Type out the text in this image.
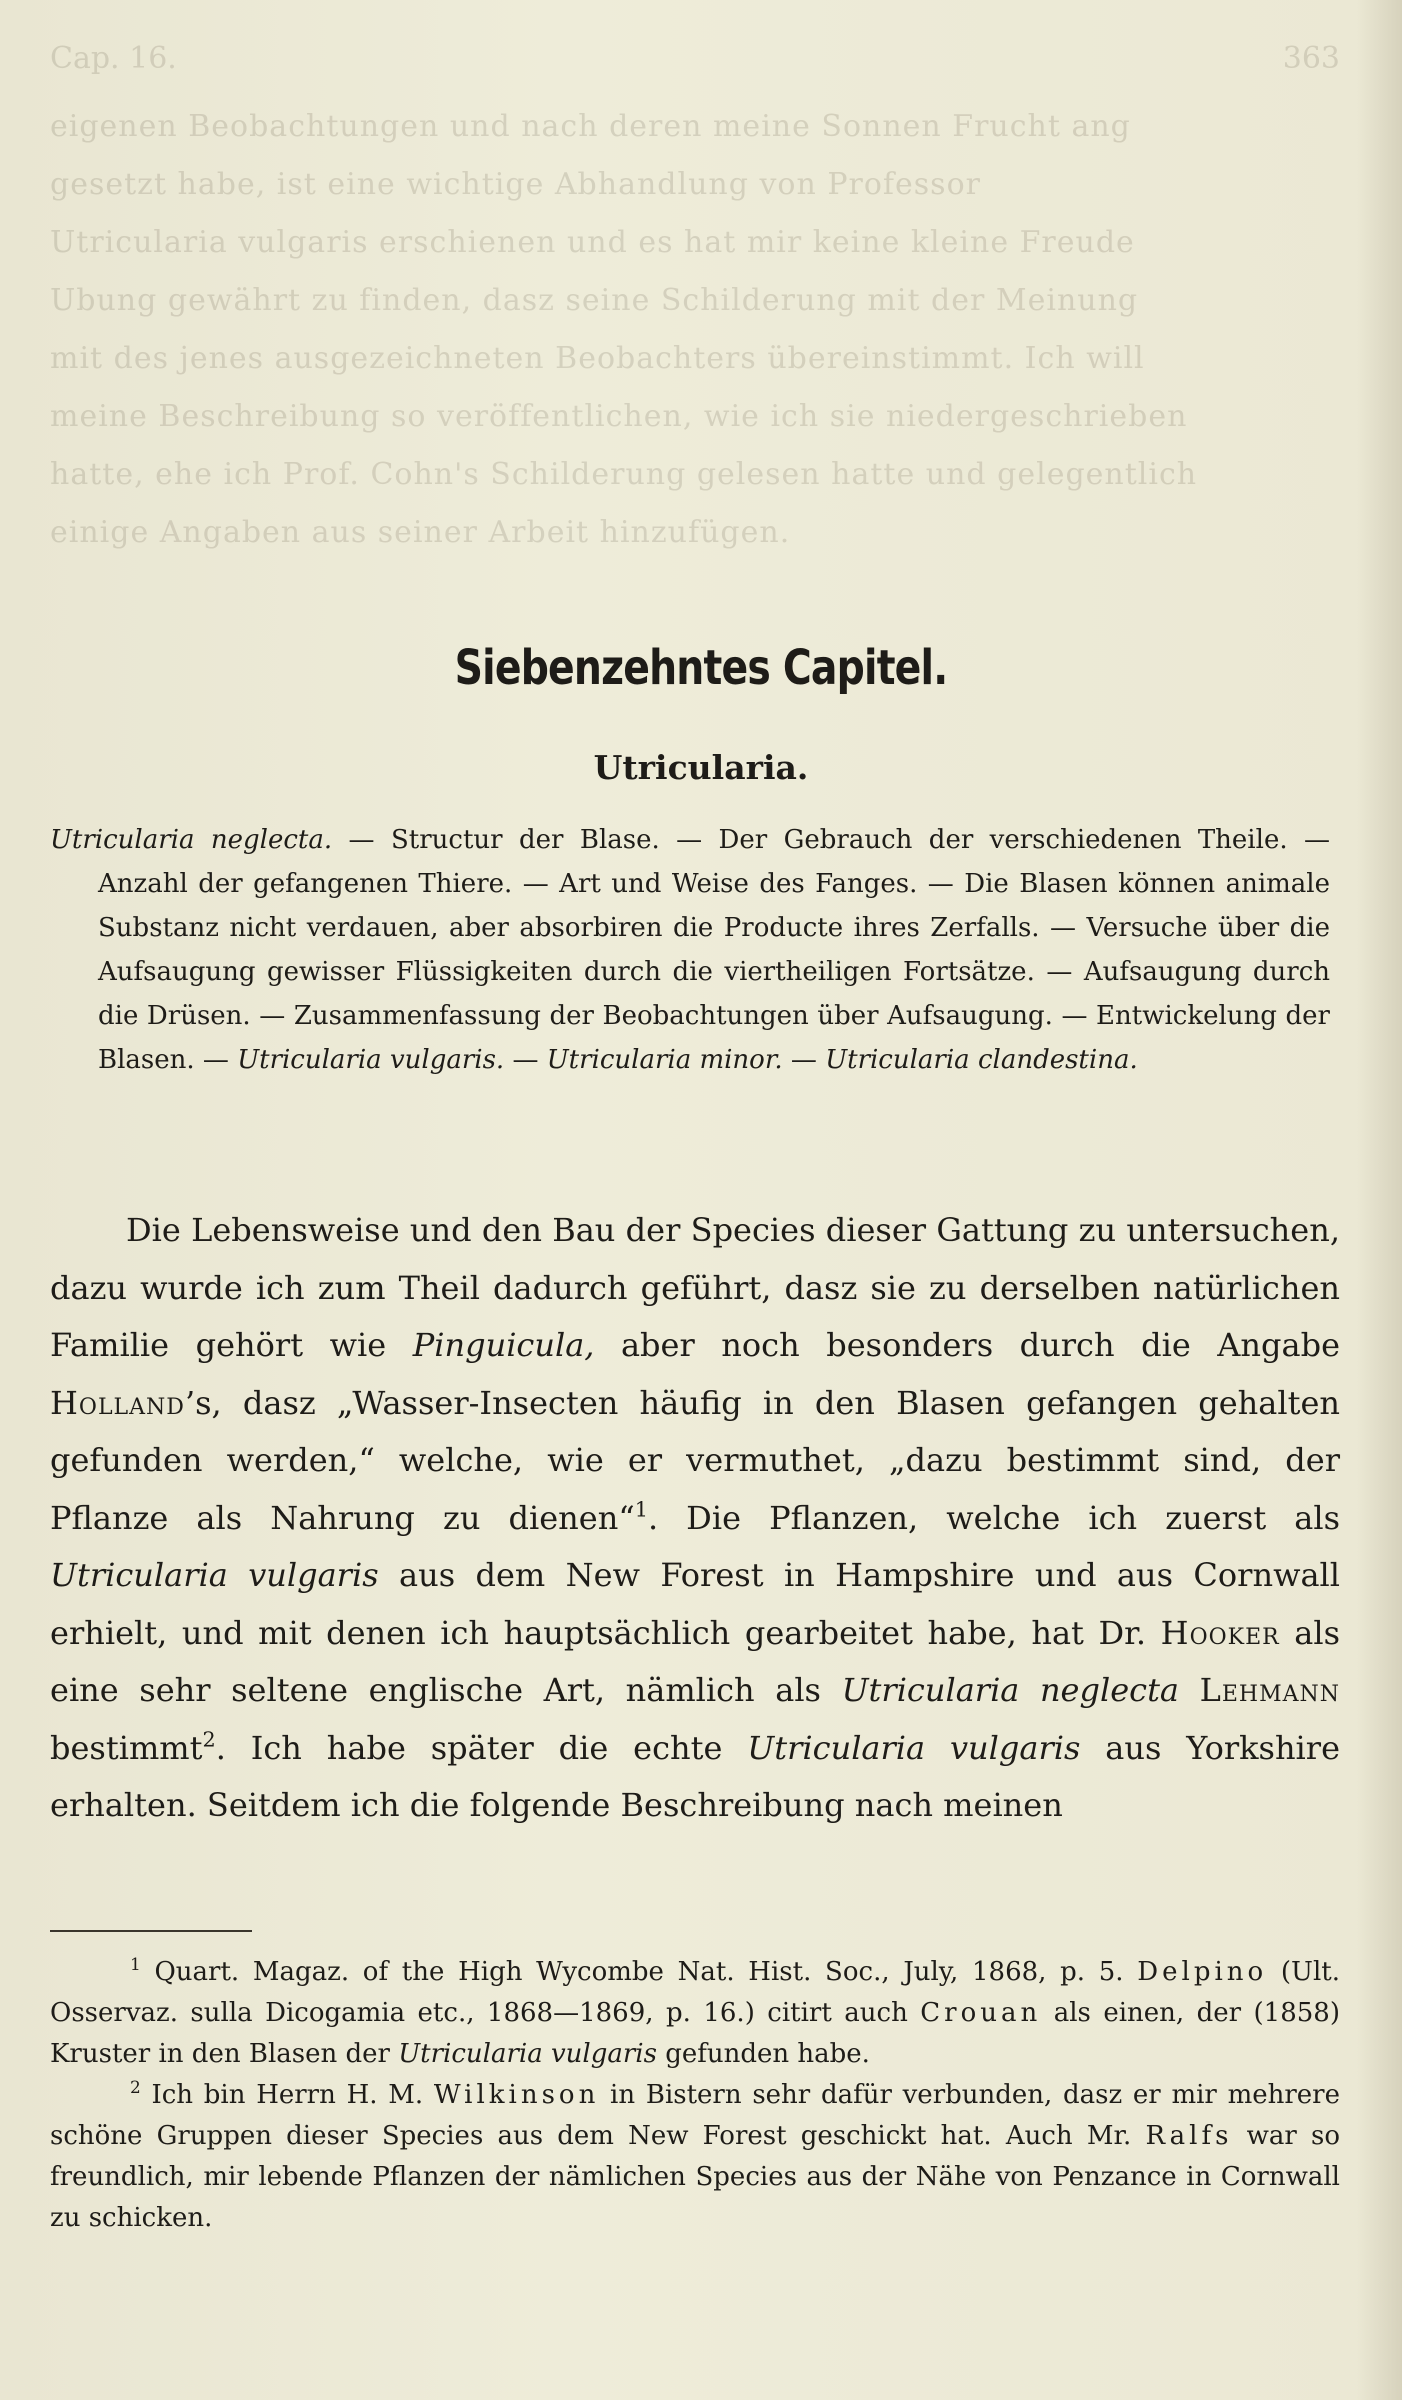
Cap. 16.	363
eigenen Beobachtungen und nach deren meine Sonnen Frucht ang
gesetzt habe, ist eine wichtige Abhandlung von Professor
Utricularia vulgaris erschienen und es hat mir keine kleine Freude
Ubung gewährt zu finden, dasz seine Schilderung mit der Meinung
mit des jenes ausgezeichneten Beobachters übereinstimmt. Ich will
meine Beschreibung so veröffentlichen, wie ich sie niedergeschrieben
hatte, ehe ich Prof. Cohn's Schilderung gelesen hatte und gelegentlich
einige Angaben aus seiner Arbeit hinzufügen.
Siebenzehntes Capitel.
Utricularia.

Utricularia neglecta. — Structur der Blase. — Der Gebrauch der verschiedenen Theile. — Anzahl der gefangenen Thiere. — Art und Weise des Fanges. — Die Blasen können animale Substanz nicht verdauen, aber absorbiren die Producte ihres Zerfalls. — Versuche über die Aufsaugung gewisser Flüssigkeiten durch die viertheiligen Fortsätze. — Aufsaugung durch die Drüsen. — Zusammenfassung der Beobachtungen über Aufsaugung. — Entwickelung der Blasen. — Utricularia vulgaris. — Utricularia minor. — Utricularia clandestina.

Die Lebensweise und den Bau der Species dieser Gattung zu untersuchen, dazu wurde ich zum Theil dadurch geführt, dasz sie zu derselben natürlichen Familie gehört wie Pinguicula, aber noch besonders durch die Angabe Holland’s, dasz „Wasser-Insecten häufig in den Blasen gefangen gehalten gefunden werden,“ welche, wie er vermuthet, „dazu bestimmt sind, der Pflanze als Nahrung zu dienen“$^1$. Die Pflanzen, welche ich zuerst als Utricularia vulgaris aus dem New Forest in Hampshire und aus Cornwall erhielt, und mit denen ich hauptsächlich gearbeitet habe, hat Dr. Hooker als eine sehr seltene englische Art, nämlich als Utricularia neglecta Lehmann bestimmt$^2$. Ich habe später die echte Utricularia vulgaris aus Yorkshire erhalten. Seitdem ich die folgende Beschreibung nach meinen

$^1$ Quart. Magaz. of the High Wycombe Nat. Hist. Soc., July, 1868, p. 5. Delpino (Ult. Osservaz. sulla Dicogamia etc., 1868—1869, p. 16.) citirt auch Crouan als einen, der (1858) Kruster in den Blasen der Utricularia vulgaris gefunden habe.

$^2$ Ich bin Herrn H. M. Wilkinson in Bistern sehr dafür verbunden, dasz er mir mehrere schöne Gruppen dieser Species aus dem New Forest geschickt hat. Auch Mr. Ralfs war so freundlich, mir lebende Pflanzen der nämlichen Species aus der Nähe von Penzance in Cornwall zu schicken.
